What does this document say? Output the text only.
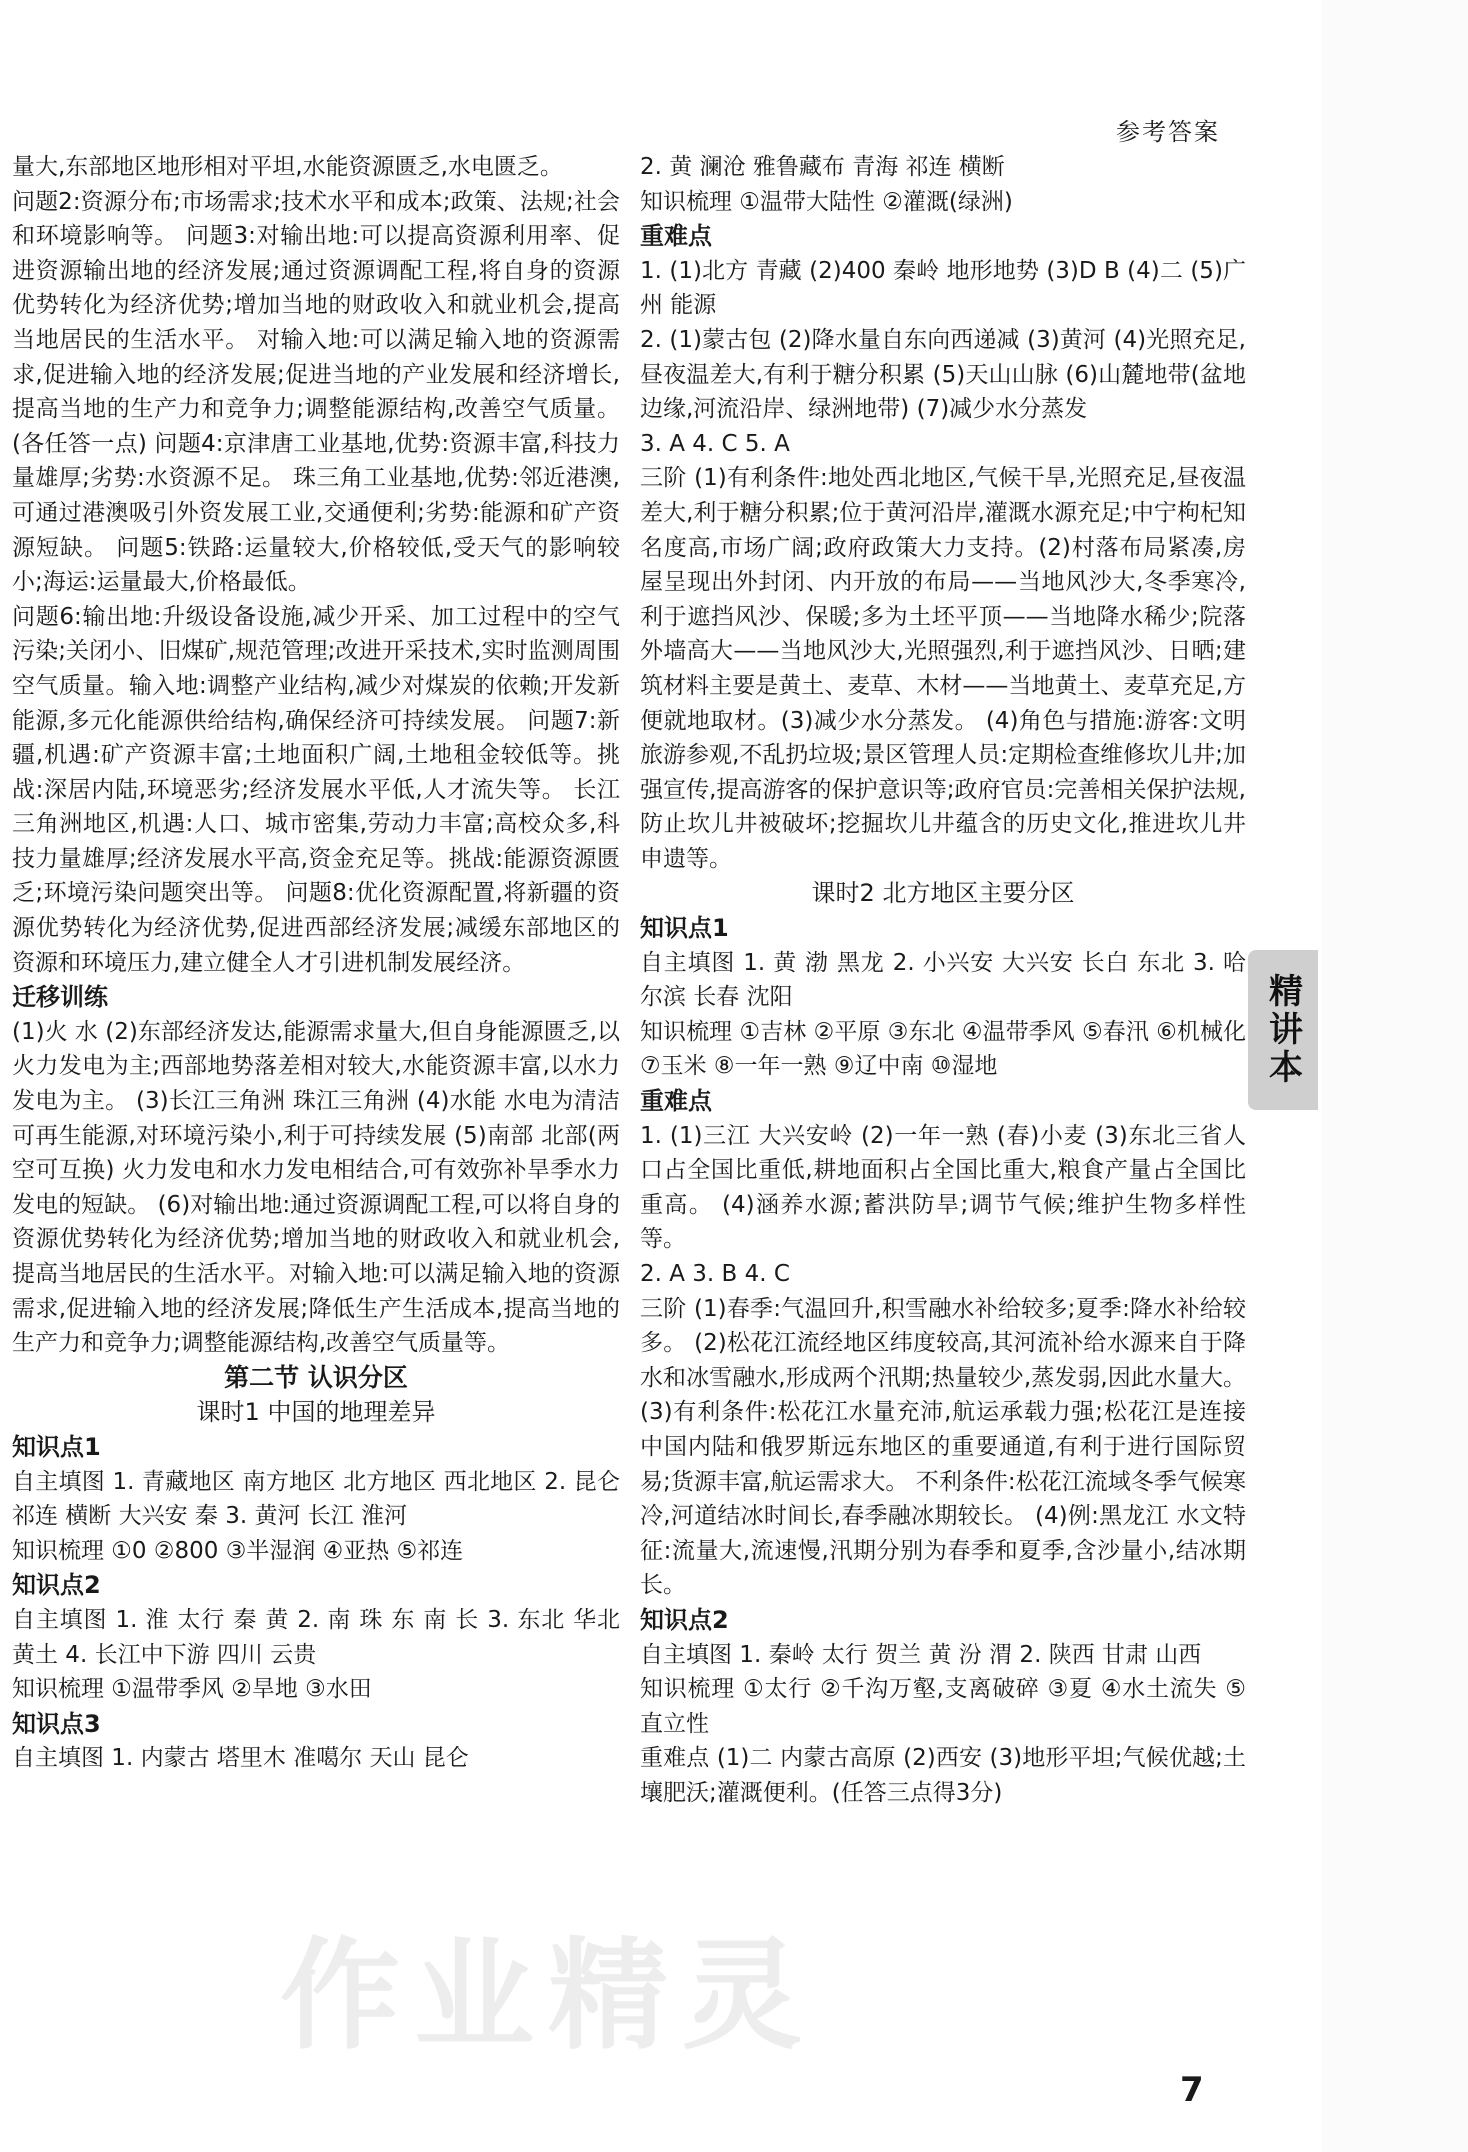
参考答案

量大,东部地区地形相对平坦,水能资源匮乏,水电匮乏。

问题2:资源分布;市场需求;技术水平和成本;政策、法规;社会和环境影响等。 问题3:对输出地:可以提高资源利用率、促进资源输出地的经济发展;通过资源调配工程,将自身的资源优势转化为经济优势;增加当地的财政收入和就业机会,提高当地居民的生活水平。 对输入地:可以满足输入地的资源需求,促进输入地的经济发展;促进当地的产业发展和经济增长,提高当地的生产力和竞争力;调整能源结构,改善空气质量。(各任答一点) 问题4:京津唐工业基地,优势:资源丰富,科技力量雄厚;劣势:水资源不足。 珠三角工业基地,优势:邻近港澳,可通过港澳吸引外资发展工业,交通便利;劣势:能源和矿产资源短缺。 问题5:铁路:运量较大,价格较低,受天气的影响较小;海运:运量最大,价格最低。

问题6:输出地:升级设备设施,减少开采、加工过程中的空气污染;关闭小、旧煤矿,规范管理;改进开采技术,实时监测周围空气质量。输入地:调整产业结构,减少对煤炭的依赖;开发新能源,多元化能源供给结构,确保经济可持续发展。 问题7:新疆,机遇:矿产资源丰富;土地面积广阔,土地租金较低等。挑战:深居内陆,环境恶劣;经济发展水平低,人才流失等。 长江三角洲地区,机遇:人口、城市密集,劳动力丰富;高校众多,科技力量雄厚;经济发展水平高,资金充足等。挑战:能源资源匮乏;环境污染问题突出等。 问题8:优化资源配置,将新疆的资源优势转化为经济优势,促进西部经济发展;减缓东部地区的资源和环境压力,建立健全人才引进机制发展经济。

迁移训练

(1)火 水 (2)东部经济发达,能源需求量大,但自身能源匮乏,以火力发电为主;西部地势落差相对较大,水能资源丰富,以水力发电为主。 (3)长江三角洲 珠江三角洲 (4)水能 水电为清洁可再生能源,对环境污染小,利于可持续发展 (5)南部 北部(两空可互换) 火力发电和水力发电相结合,可有效弥补旱季水力发电的短缺。 (6)对输出地:通过资源调配工程,可以将自身的资源优势转化为经济优势;增加当地的财政收入和就业机会,提高当地居民的生活水平。对输入地:可以满足输入地的资源需求,促进输入地的经济发展;降低生产生活成本,提高当地的生产力和竞争力;调整能源结构,改善空气质量等。

第二节 认识分区

课时1 中国的地理差异

知识点1

自主填图 1. 青藏地区 南方地区 北方地区 西北地区 2. 昆仑 祁连 横断 大兴安 秦 3. 黄河 长江 淮河

知识梳理 ①0 ②800 ③半湿润 ④亚热 ⑤祁连

知识点2

自主填图 1. 淮 太行 秦 黄 2. 南 珠 东 南 长 3. 东北 华北 黄土 4. 长江中下游 四川 云贵

知识梳理 ①温带季风 ②旱地 ③水田

知识点3

自主填图 1. 内蒙古 塔里木 准噶尔 天山 昆仑

2. 黄 澜沧 雅鲁藏布 青海 祁连 横断

知识梳理 ①温带大陆性 ②灌溉(绿洲)

重难点

1. (1)北方 青藏 (2)400 秦岭 地形地势 (3)D B (4)二 (5)广州 能源

2. (1)蒙古包 (2)降水量自东向西递减 (3)黄河 (4)光照充足,昼夜温差大,有利于糖分积累 (5)天山山脉 (6)山麓地带(盆地边缘,河流沿岸、绿洲地带) (7)减少水分蒸发

3. A 4. C 5. A

三阶 (1)有利条件:地处西北地区,气候干旱,光照充足,昼夜温差大,利于糖分积累;位于黄河沿岸,灌溉水源充足;中宁枸杞知名度高,市场广阔;政府政策大力支持。(2)村落布局紧凑,房屋呈现出外封闭、内开放的布局——当地风沙大,冬季寒冷,利于遮挡风沙、保暖;多为土坯平顶——当地降水稀少;院落外墙高大——当地风沙大,光照强烈,利于遮挡风沙、日晒;建筑材料主要是黄土、麦草、木材——当地黄土、麦草充足,方便就地取材。(3)减少水分蒸发。 (4)角色与措施:游客:文明旅游参观,不乱扔垃圾;景区管理人员:定期检查维修坎儿井;加强宣传,提高游客的保护意识等;政府官员:完善相关保护法规,防止坎儿井被破坏;挖掘坎儿井蕴含的历史文化,推进坎儿井申遗等。

课时2 北方地区主要分区

知识点1

自主填图 1. 黄 渤 黑龙 2. 小兴安 大兴安 长白 东北 3. 哈尔滨 长春 沈阳

知识梳理 ①吉林 ②平原 ③东北 ④温带季风 ⑤春汛 ⑥机械化 ⑦玉米 ⑧一年一熟 ⑨辽中南 ⑩湿地

重难点

1. (1)三江 大兴安岭 (2)一年一熟 (春)小麦 (3)东北三省人口占全国比重低,耕地面积占全国比重大,粮食产量占全国比重高。 (4)涵养水源;蓄洪防旱;调节气候;维护生物多样性等。

2. A 3. B 4. C

三阶 (1)春季:气温回升,积雪融水补给较多;夏季:降水补给较多。 (2)松花江流经地区纬度较高,其河流补给水源来自于降水和冰雪融水,形成两个汛期;热量较少,蒸发弱,因此水量大。 (3)有利条件:松花江水量充沛,航运承载力强;松花江是连接中国内陆和俄罗斯远东地区的重要通道,有利于进行国际贸易;货源丰富,航运需求大。 不利条件:松花江流域冬季气候寒冷,河道结冰时间长,春季融冰期较长。 (4)例:黑龙江 水文特征:流量大,流速慢,汛期分别为春季和夏季,含沙量小,结冰期长。

知识点2

自主填图 1. 秦岭 太行 贺兰 黄 汾 渭 2. 陕西 甘肃 山西

知识梳理 ①太行 ②千沟万壑,支离破碎 ③夏 ④水土流失 ⑤直立性

重难点 (1)二 内蒙古高原 (2)西安 (3)地形平坦;气候优越;土壤肥沃;灌溉便利。(任答三点得3分)

精讲本
7
作业精灵
